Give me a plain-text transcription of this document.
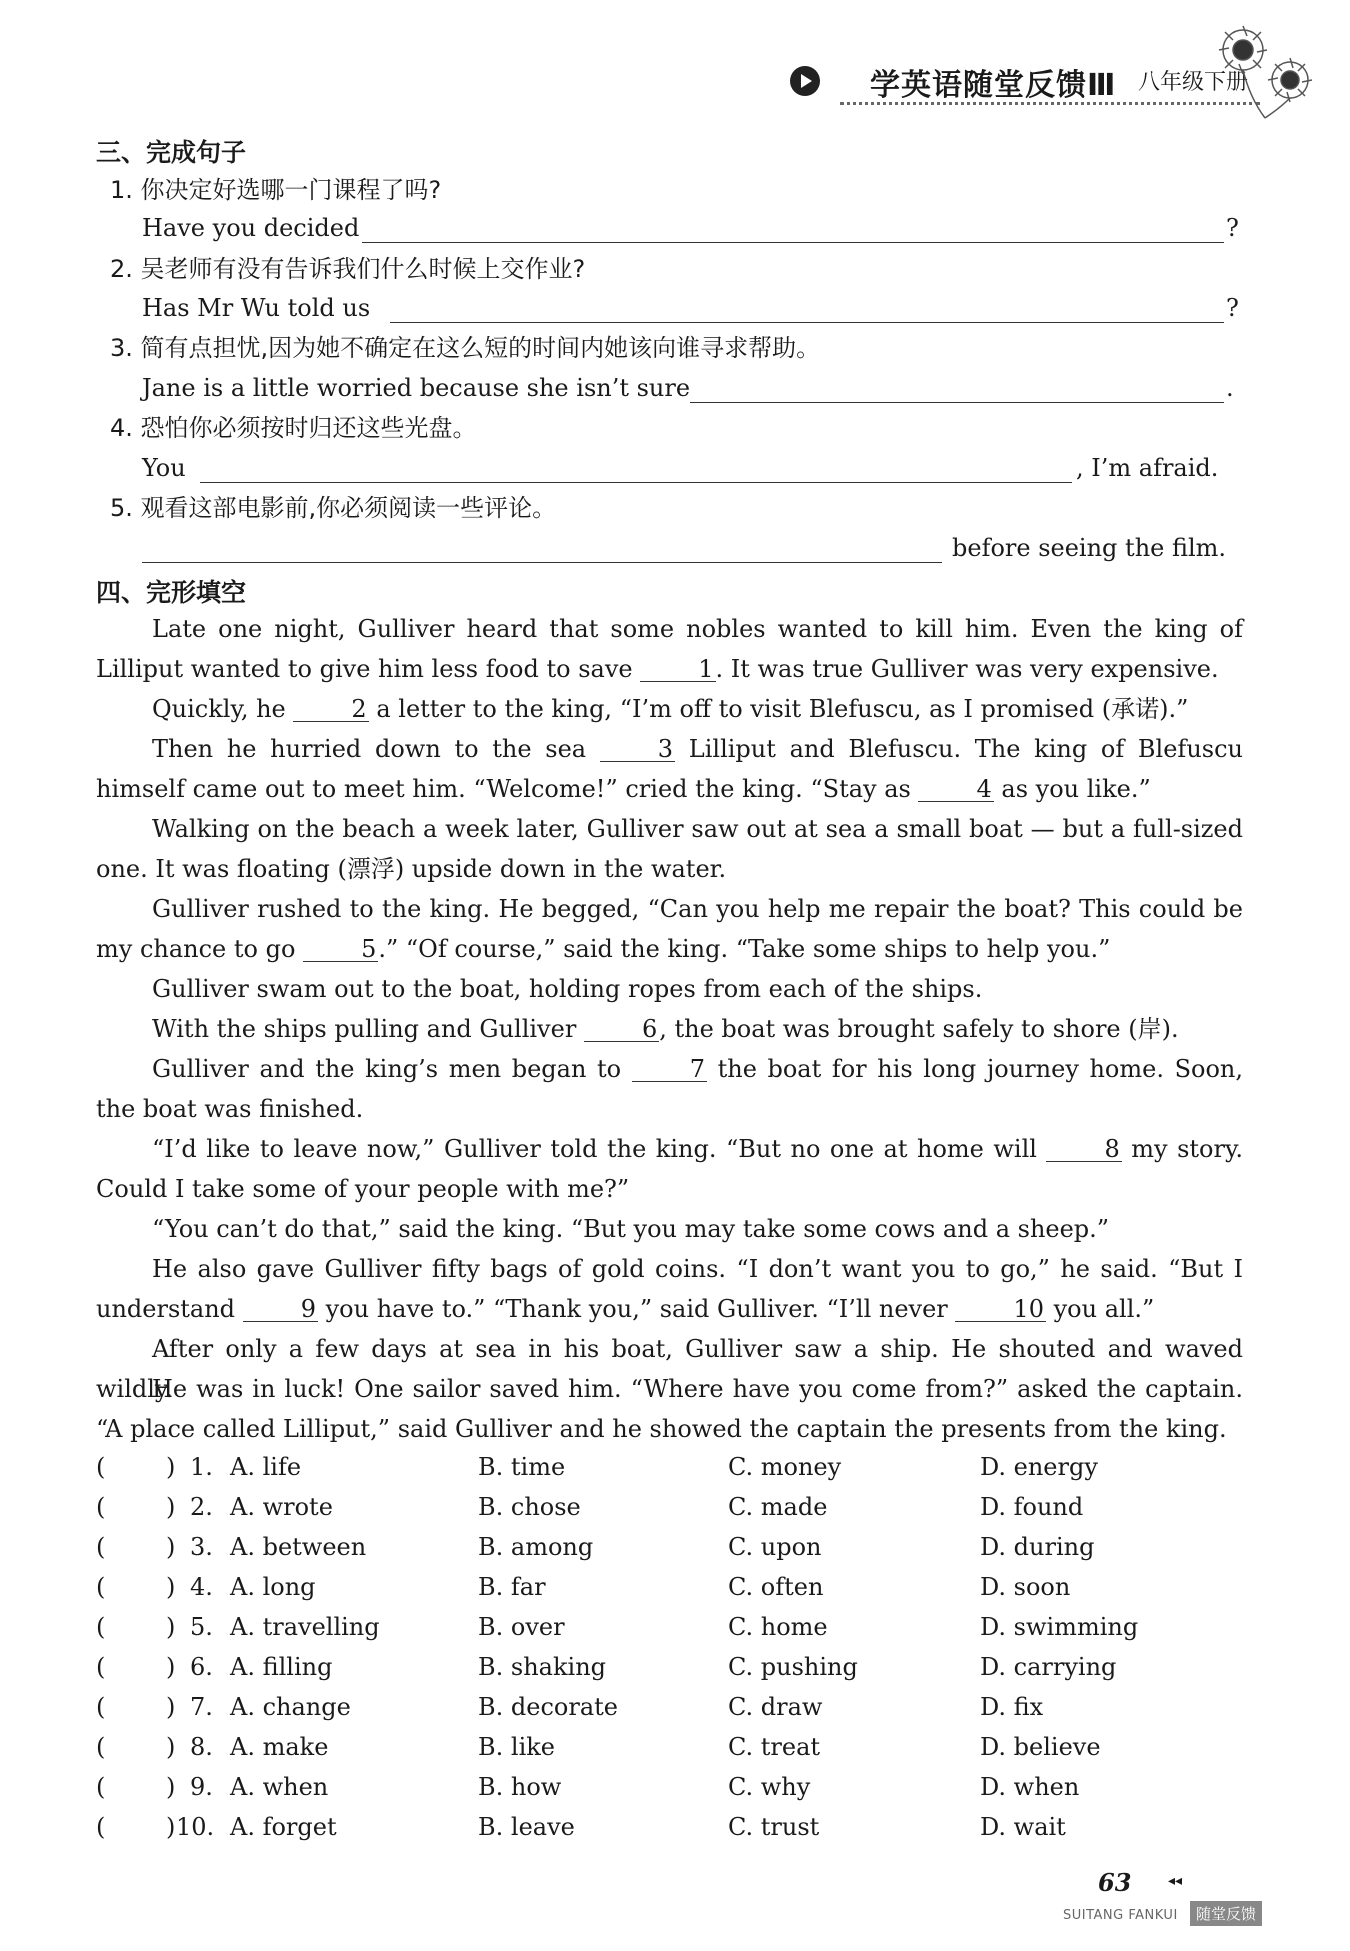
学英语随堂反馈Ⅲ 八年级下册
三、完成句子
1. 你决定好选哪一门课程了吗?
Have you decided	?
2. 吴老师有没有告诉我们什么时候上交作业?
Has Mr Wu told us	?
3. 简有点担忧,因为她不确定在这么短的时间内她该向谁寻求帮助。
Jane is a little worried because she isn’t sure	.
4. 恐怕你必须按时归还这些光盘。
You	, I’m afraid.
5. 观看这部电影前,你必须阅读一些评论。
before seeing the film.
四、完形填空
Late one night, Gulliver heard that some nobles wanted to kill him. Even the king of Lilliput wanted to give him less food to save	1. It was true Gulliver was very expensive.
Quickly, he	2 a letter to the king, “I’m off to visit Blefuscu, as I promised (承诺).”
Then he hurried down to the sea	3 Lilliput and Blefuscu. The king of Blefuscu himself came out to meet him. “Welcome!” cried the king. “Stay as	4 as you like.”
Walking on the beach a week later, Gulliver saw out at sea a small boat — but a full-sized one. It was floating (漂浮) upside down in the water.
Gulliver rushed to the king. He begged, “Can you help me repair the boat? This could be my chance to go	5.” “Of course,” said the king. “Take some ships to help you.”
Gulliver swam out to the boat, holding ropes from each of the ships.
With the ships pulling and Gulliver	6, the boat was brought safely to shore (岸).
Gulliver and the king’s men began to	7 the boat for his long journey home. Soon, the boat was finished.
“I’d like to leave now,” Gulliver told the king. “But no one at home will	8 my story. Could I take some of your people with me?”
“You can’t do that,” said the king. “But you may take some cows and a sheep.”
He also gave Gulliver fifty bags of gold coins. “I don’t want you to go,” he said. “But I understand	9 you have to.” “Thank you,” said Gulliver. “I’ll never	10 you all.”
After only a few days at sea in his boat, Gulliver saw a ship. He shouted and waved wildly.
He was in luck! One sailor saved him. “Where have you come from?” asked the captain. “A place called Lilliput,” said Gulliver and he showed the captain the presents from the king.
(	) 1. A. life	B. time	C. money	D. energy
(	) 2. A. wrote	B. chose	C. made	D. found
(	) 3. A. between	B. among	C. upon	D. during
(	) 4. A. long	B. far	C. often	D. soon
(	) 5. A. travelling	B. over	C. home	D. swimming
(	) 6. A. filling	B. shaking	C. pushing	D. carrying
(	) 7. A. change	B. decorate	C. draw	D. fix
(	) 8. A. make	B. like	C. treat	D. believe
(	) 9. A. when	B. how	C. why	D. when
(	) 10. A. forget	B. leave	C. trust	D. wait
63	◂◂
SUITANG FANKUI	随堂反馈
